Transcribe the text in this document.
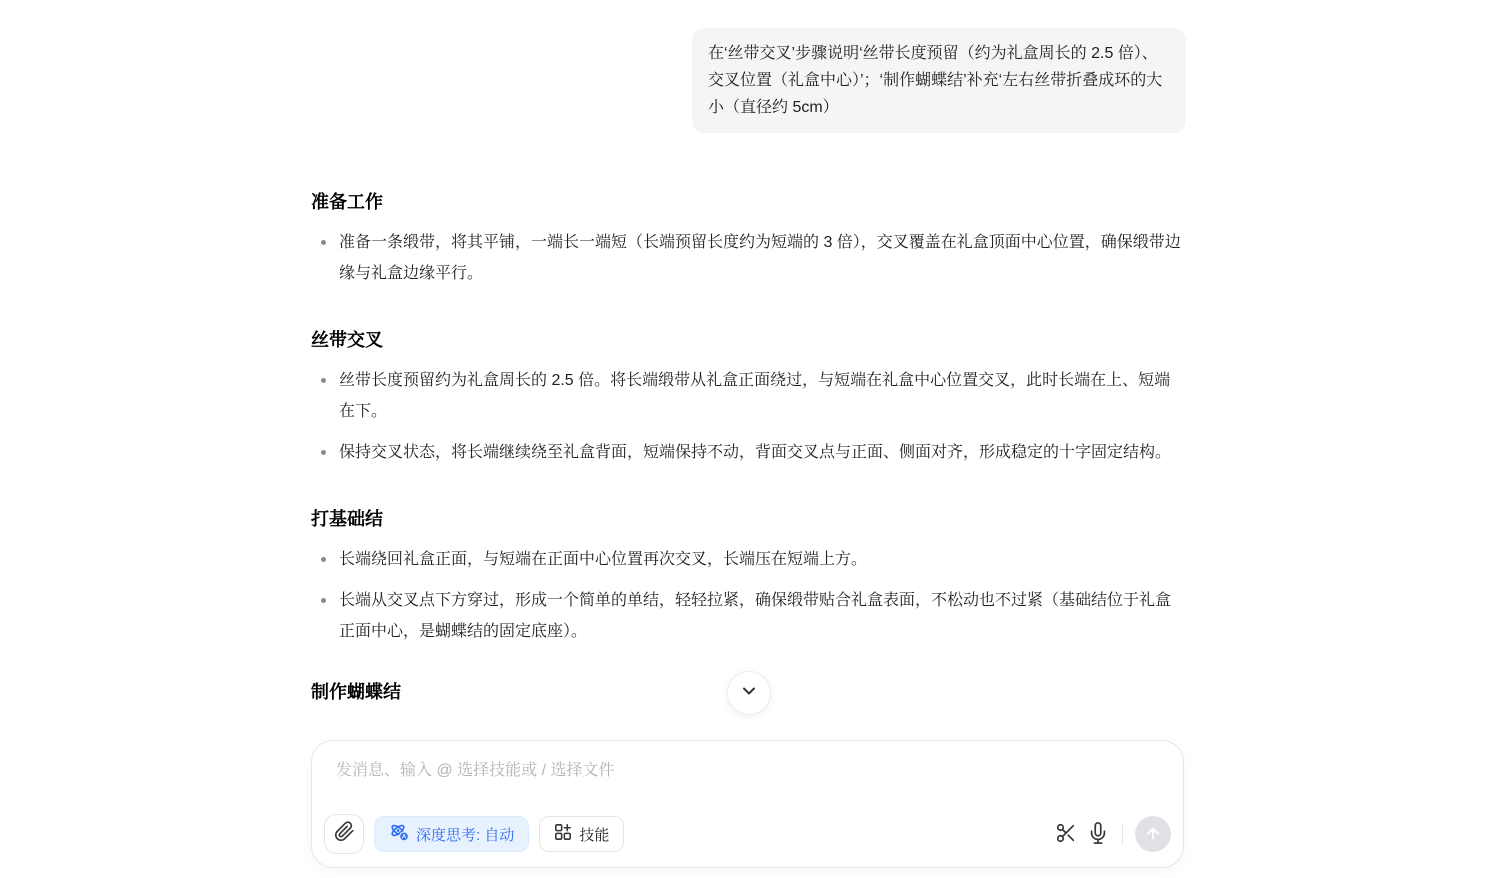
在‘丝带交叉’步骤说明‘丝带长度预留（约为礼盒周长的 2.5 倍）、交叉位置（礼盒中心）’；‘制作蝴蝶结’补充‘左右丝带折叠成环的大小（直径约 5cm）
准备工作
准备一条缎带，将其平铺，一端长一端短（长端预留长度约为短端的 3 倍），交叉覆盖在礼盒顶面中心位置，确保缎带边缘与礼盒边缘平行。
丝带交叉
丝带长度预留约为礼盒周长的 2.5 倍。将长端缎带从礼盒正面绕过，与短端在礼盒中心位置交叉，此时长端在上、短端在下。
保持交叉状态，将长端继续绕至礼盒背面，短端保持不动，背面交叉点与正面、侧面对齐，形成稳定的十字固定结构。
打基础结
长端绕回礼盒正面，与短端在正面中心位置再次交叉，长端压在短端上方。
长端从交叉点下方穿过，形成一个简单的单结，轻轻拉紧，确保缎带贴合礼盒表面，不松动也不过紧（基础结位于礼盒正面中心，是蝴蝶结的固定底座）。
制作蝴蝶结
发消息、输入 @ 选择技能或 / 选择文件
A 深度思考: 自动	技能
